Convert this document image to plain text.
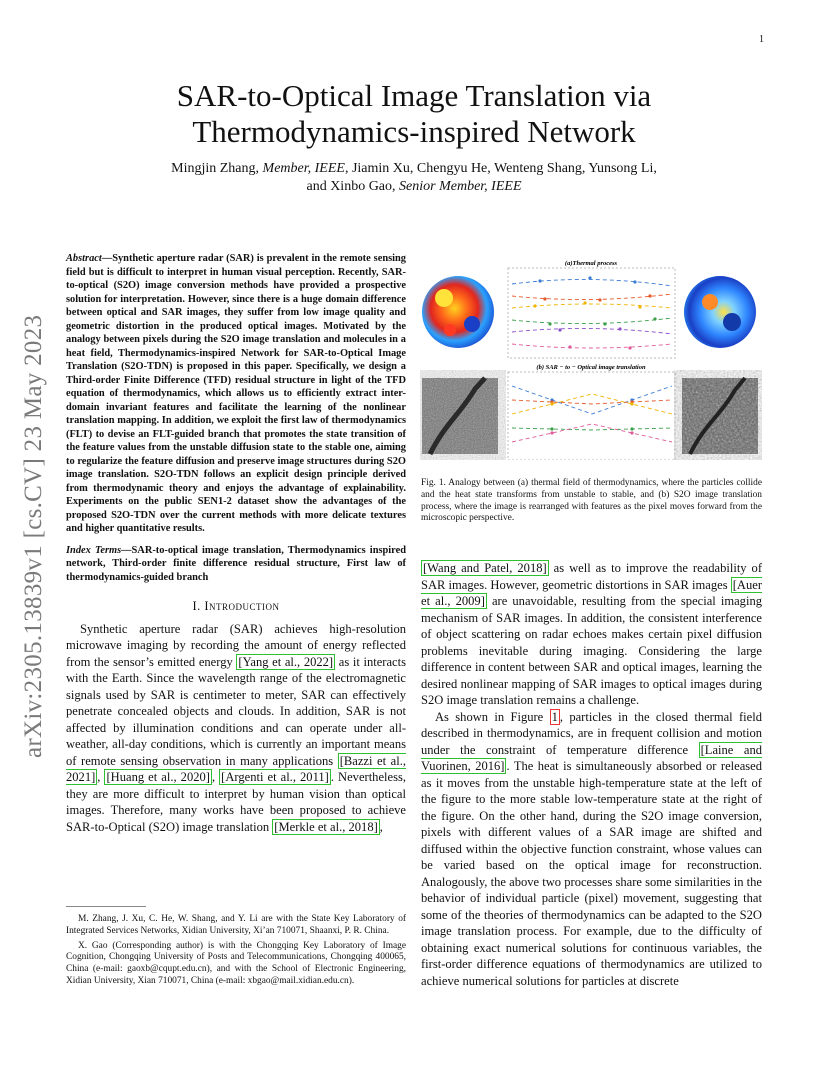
1
arXiv:2305.13839v1 [cs.CV] 23 May 2023
SAR-to-Optical Image Translation via Thermodynamics-inspired Network
Mingjin Zhang, Member, IEEE, Jiamin Xu, Chengyu He, Wenteng Shang, Yunsong Li,
and Xinbo Gao, Senior Member, IEEE

Abstract—Synthetic aperture radar (SAR) is prevalent in the remote sensing field but is difficult to interpret in human visual perception. Recently, SAR-to-optical (S2O) image conversion methods have provided a prospective solution for interpretation. However, since there is a huge domain difference between optical and SAR images, they suffer from low image quality and geometric distortion in the produced optical images. Motivated by the analogy between pixels during the S2O image translation and molecules in a heat field, Thermodynamics-inspired Network for SAR-to-Optical Image Translation (S2O-TDN) is proposed in this paper. Specifically, we design a Third-order Finite Difference (TFD) residual structure in light of the TFD equation of thermodynamics, which allows us to efficiently extract inter-domain invariant features and facilitate the learning of the nonlinear translation mapping. In addition, we exploit the first law of thermodynamics (FLT) to devise an FLT-guided branch that promotes the state transition of the feature values from the unstable diffusion state to the stable one, aiming to regularize the feature diffusion and preserve image structures during S2O image translation. S2O-TDN follows an explicit design principle derived from thermodynamic theory and enjoys the advantage of explainability. Experiments on the public SEN1-2 dataset show the advantages of the proposed S2O-TDN over the current methods with more delicate textures and higher quantitative results.

Index Terms—SAR-to-optical image translation, Thermodynamics inspired network, Third-order finite difference residual structure, First law of thermodynamics-guided branch

I. Introduction

Synthetic aperture radar (SAR) achieves high-resolution microwave imaging by recording the amount of energy reflected from the sensor’s emitted energy [Yang et al., 2022] as it interacts with the Earth. Since the wavelength range of the electromagnetic signals used by SAR is centimeter to meter, SAR can effectively penetrate concealed objects and clouds. In addition, SAR is not affected by illumination conditions and can operate under all-weather, all-day conditions, which is currently an important means of remote sensing observation in many applications [Bazzi et al., 2021] , [Huang et al., 2020] , [Argenti et al., 2011] . Nevertheless, they are more difficult to interpret by human vision than optical images. Therefore, many works have been proposed to achieve SAR-to-Optical (S2O) image translation [Merkle et al., 2018] ,

M. Zhang, J. Xu, C. He, W. Shang, and Y. Li are with the State Key Laboratory of Integrated Services Networks, Xidian University, Xi’an 710071, Shaanxi, P. R. China.

X. Gao (Corresponding author) is with the Chongqing Key Laboratory of Image Cognition, Chongqing University of Posts and Telecommunications, Chongqing 400065, China (e-mail: gaoxb@cqupt.edu.cn), and with the School of Electronic Engineering, Xidian University, Xian 710071, China (e-mail: xbgao@mail.xidian.edu.cn).

(a)Thermal process
(b) SAR − to − Optical image translation
Fig. 1. Analogy between (a) thermal field of thermodynamics, where the particles collide and the heat state transforms from unstable to stable, and (b) S2O image translation process, where the image is rearranged with features as the pixel moves forward from the microscopic perspective.

[Wang and Patel, 2018] as well as to improve the readability of SAR images. However, geometric distortions in SAR images [Auer et al., 2009] are unavoidable, resulting from the special imaging mechanism of SAR images. In addition, the consistent interference of object scattering on radar echoes makes certain pixel diffusion problems inevitable during imaging. Considering the large difference in content between SAR and optical images, learning the desired nonlinear mapping of SAR images to optical images during S2O image translation remains a challenge.

As shown in Figure 1 , particles in the closed thermal field described in thermodynamics, are in frequent collision and motion under the constraint of temperature difference [Laine and Vuorinen, 2016] . The heat is simultaneously absorbed or released as it moves from the unstable high-temperature state at the left of the figure to the more stable low-temperature state at the right of the figure. On the other hand, during the S2O image conversion, pixels with different values of a SAR image are shifted and diffused within the objective function constraint, whose values can be varied based on the optical image for reconstruction. Analogously, the above two processes share some similarities in the behavior of individual particle (pixel) movement, suggesting that some of the theories of thermodynamics can be adapted to the S2O image translation process. For example, due to the difficulty of obtaining exact numerical solutions for continuous variables, the first-order difference equations of thermodynamics are utilized to achieve numerical solutions for particles at discrete
